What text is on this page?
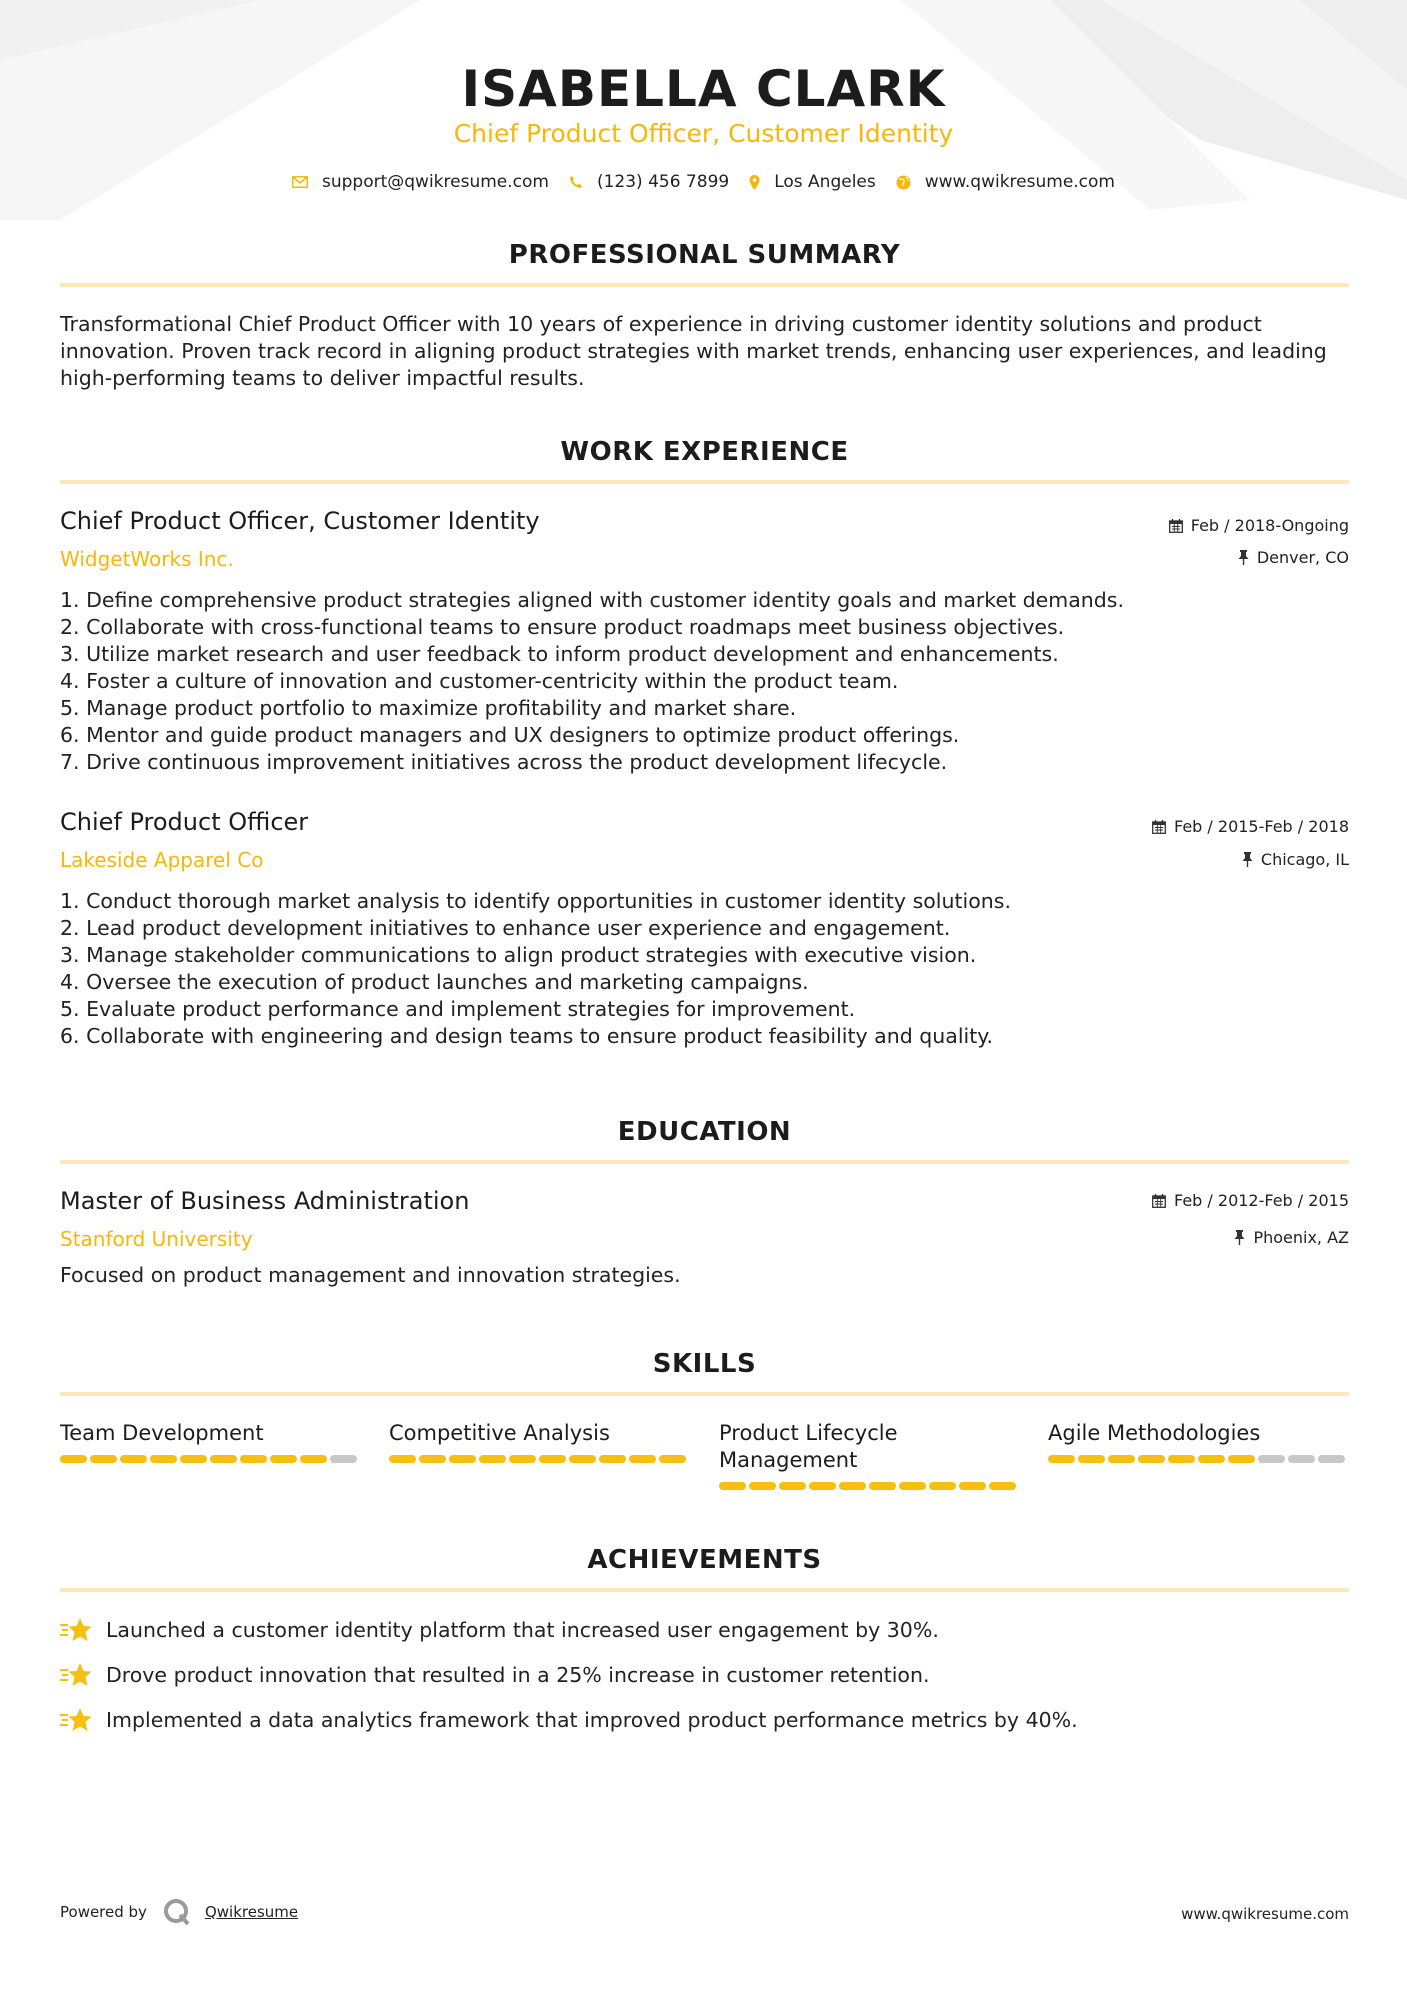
ISABELLA CLARK
Chief Product Officer, Customer Identity
support@qwikresume.com	(123) 456 7899	Los Angeles	www.qwikresume.com
PROFESSIONAL SUMMARY
Transformational Chief Product Officer with 10 years of experience in driving customer identity solutions and product
innovation. Proven track record in aligning product strategies with market trends, enhancing user experiences, and leading
high-performing teams to deliver impactful results.
WORK EXPERIENCE
Chief Product Officer, Customer Identity
WidgetWorks Inc.
Feb / 2018-Ongoing
Denver, CO
1. Define comprehensive product strategies aligned with customer identity goals and market demands.
2. Collaborate with cross-functional teams to ensure product roadmaps meet business objectives.
3. Utilize market research and user feedback to inform product development and enhancements.
4. Foster a culture of innovation and customer-centricity within the product team.
5. Manage product portfolio to maximize profitability and market share.
6. Mentor and guide product managers and UX designers to optimize product offerings.
7. Drive continuous improvement initiatives across the product development lifecycle.
Chief Product Officer
Lakeside Apparel Co
Feb / 2015-Feb / 2018
Chicago, IL
1. Conduct thorough market analysis to identify opportunities in customer identity solutions.
2. Lead product development initiatives to enhance user experience and engagement.
3. Manage stakeholder communications to align product strategies with executive vision.
4. Oversee the execution of product launches and marketing campaigns.
5. Evaluate product performance and implement strategies for improvement.
6. Collaborate with engineering and design teams to ensure product feasibility and quality.
EDUCATION
Master of Business Administration
Stanford University
Feb / 2012-Feb / 2015
Phoenix, AZ
Focused on product management and innovation strategies.
SKILLS
Team Development	Competitive Analysis	Product Lifecycle
Management
Agile Methodologies
ACHIEVEMENTS
Launched a customer identity platform that increased user engagement by 30%.
Drove product innovation that resulted in a 25% increase in customer retention.
Implemented a data analytics framework that improved product performance metrics by 40%.
Powered by	Qwikresume	www.qwikresume.com
